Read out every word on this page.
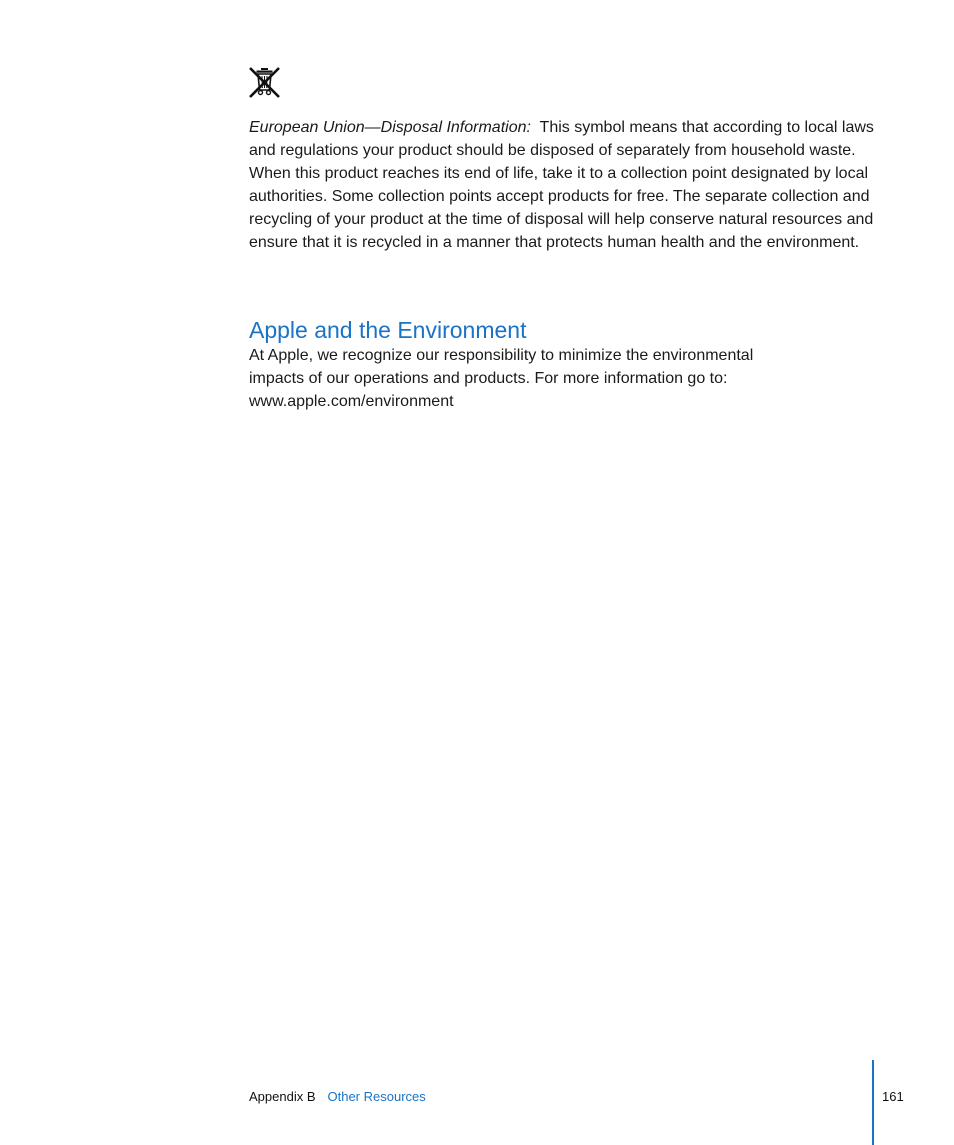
European Union—Disposal Information: This symbol means that according to local laws and regulations your product should be disposed of separately from household waste. When this product reaches its end of life, take it to a collection point designated by local authorities. Some collection points accept products for free. The separate collection and recycling of your product at the time of disposal will help conserve natural resources and ensure that it is recycled in a manner that protects human health and the environment.

Apple and the Environment

At Apple, we recognize our responsibility to minimize the environmental
impacts of our operations and products. For more information go to:
www.apple.com/environment

Appendix B Other Resources	161
